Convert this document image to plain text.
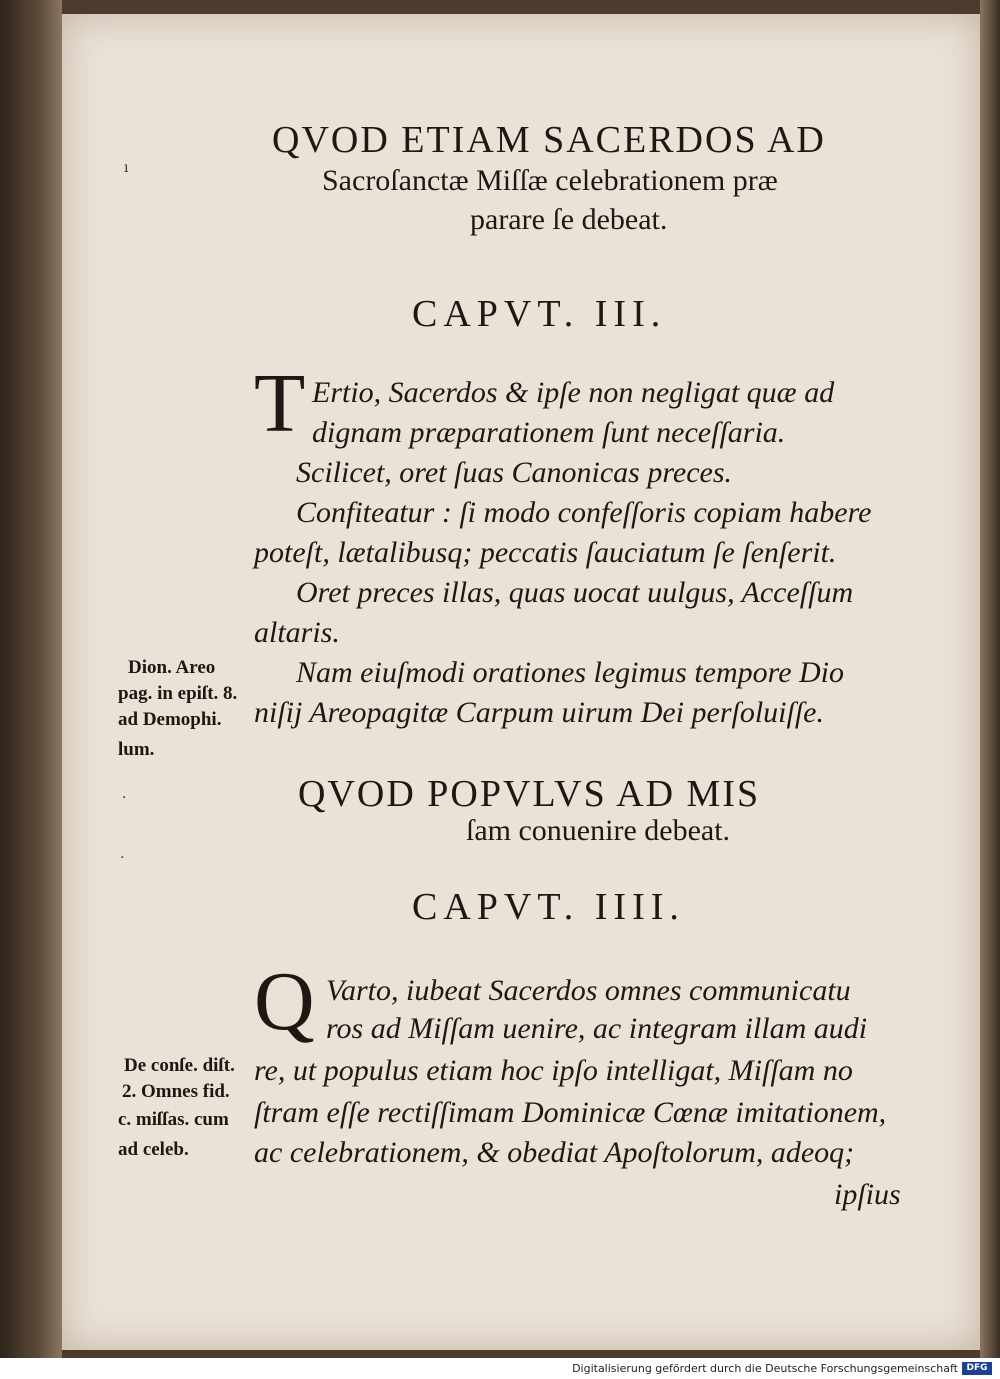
QVOD ETIAM SACERDOS AD
Sacroſanctæ Miſſæ celebrationem præ
parare ſe debeat.
CAPVT. III.
T Ertio, Sacerdos & ipſe non negligat quæ ad
dignam præparationem ſunt neceſſaria.
Scilicet, oret ſuas Canonicas preces.
Confiteatur : ſi modo confeſſoris copiam habere
poteſt, lætalibusq; peccatis ſauciatum ſe ſenſerit.
Oret preces illas, quas uocat uulgus, Acceſſum
altaris.
Nam eiuſmodi orationes legimus tempore Dio
niſij Areopagitæ Carpum uirum Dei perſoluiſſe.
Dion. Areo
pag. in epiſt. 8.
ad Demophi.
lum.
QVOD POPVLVS AD MIS
ſam conuenire debeat.
CAPVT. IIII.
Q Varto, iubeat Sacerdos omnes communicatu
ros ad Miſſam uenire, ac integram illam audi
re, ut populus etiam hoc ipſo intelligat, Miſſam no
ſtram eſſe rectiſſimam Dominicæ Cœnæ imitationem,
ac celebrationem, & obediat Apoſtolorum, adeoq;
ipſius
De conſe. diſt.
2. Omnes fid.
c. miſſas. cum
ad celeb.
ı
·
·
Digitalisierung gefördert durch die Deutsche Forschungsgemeinschaft DFG
